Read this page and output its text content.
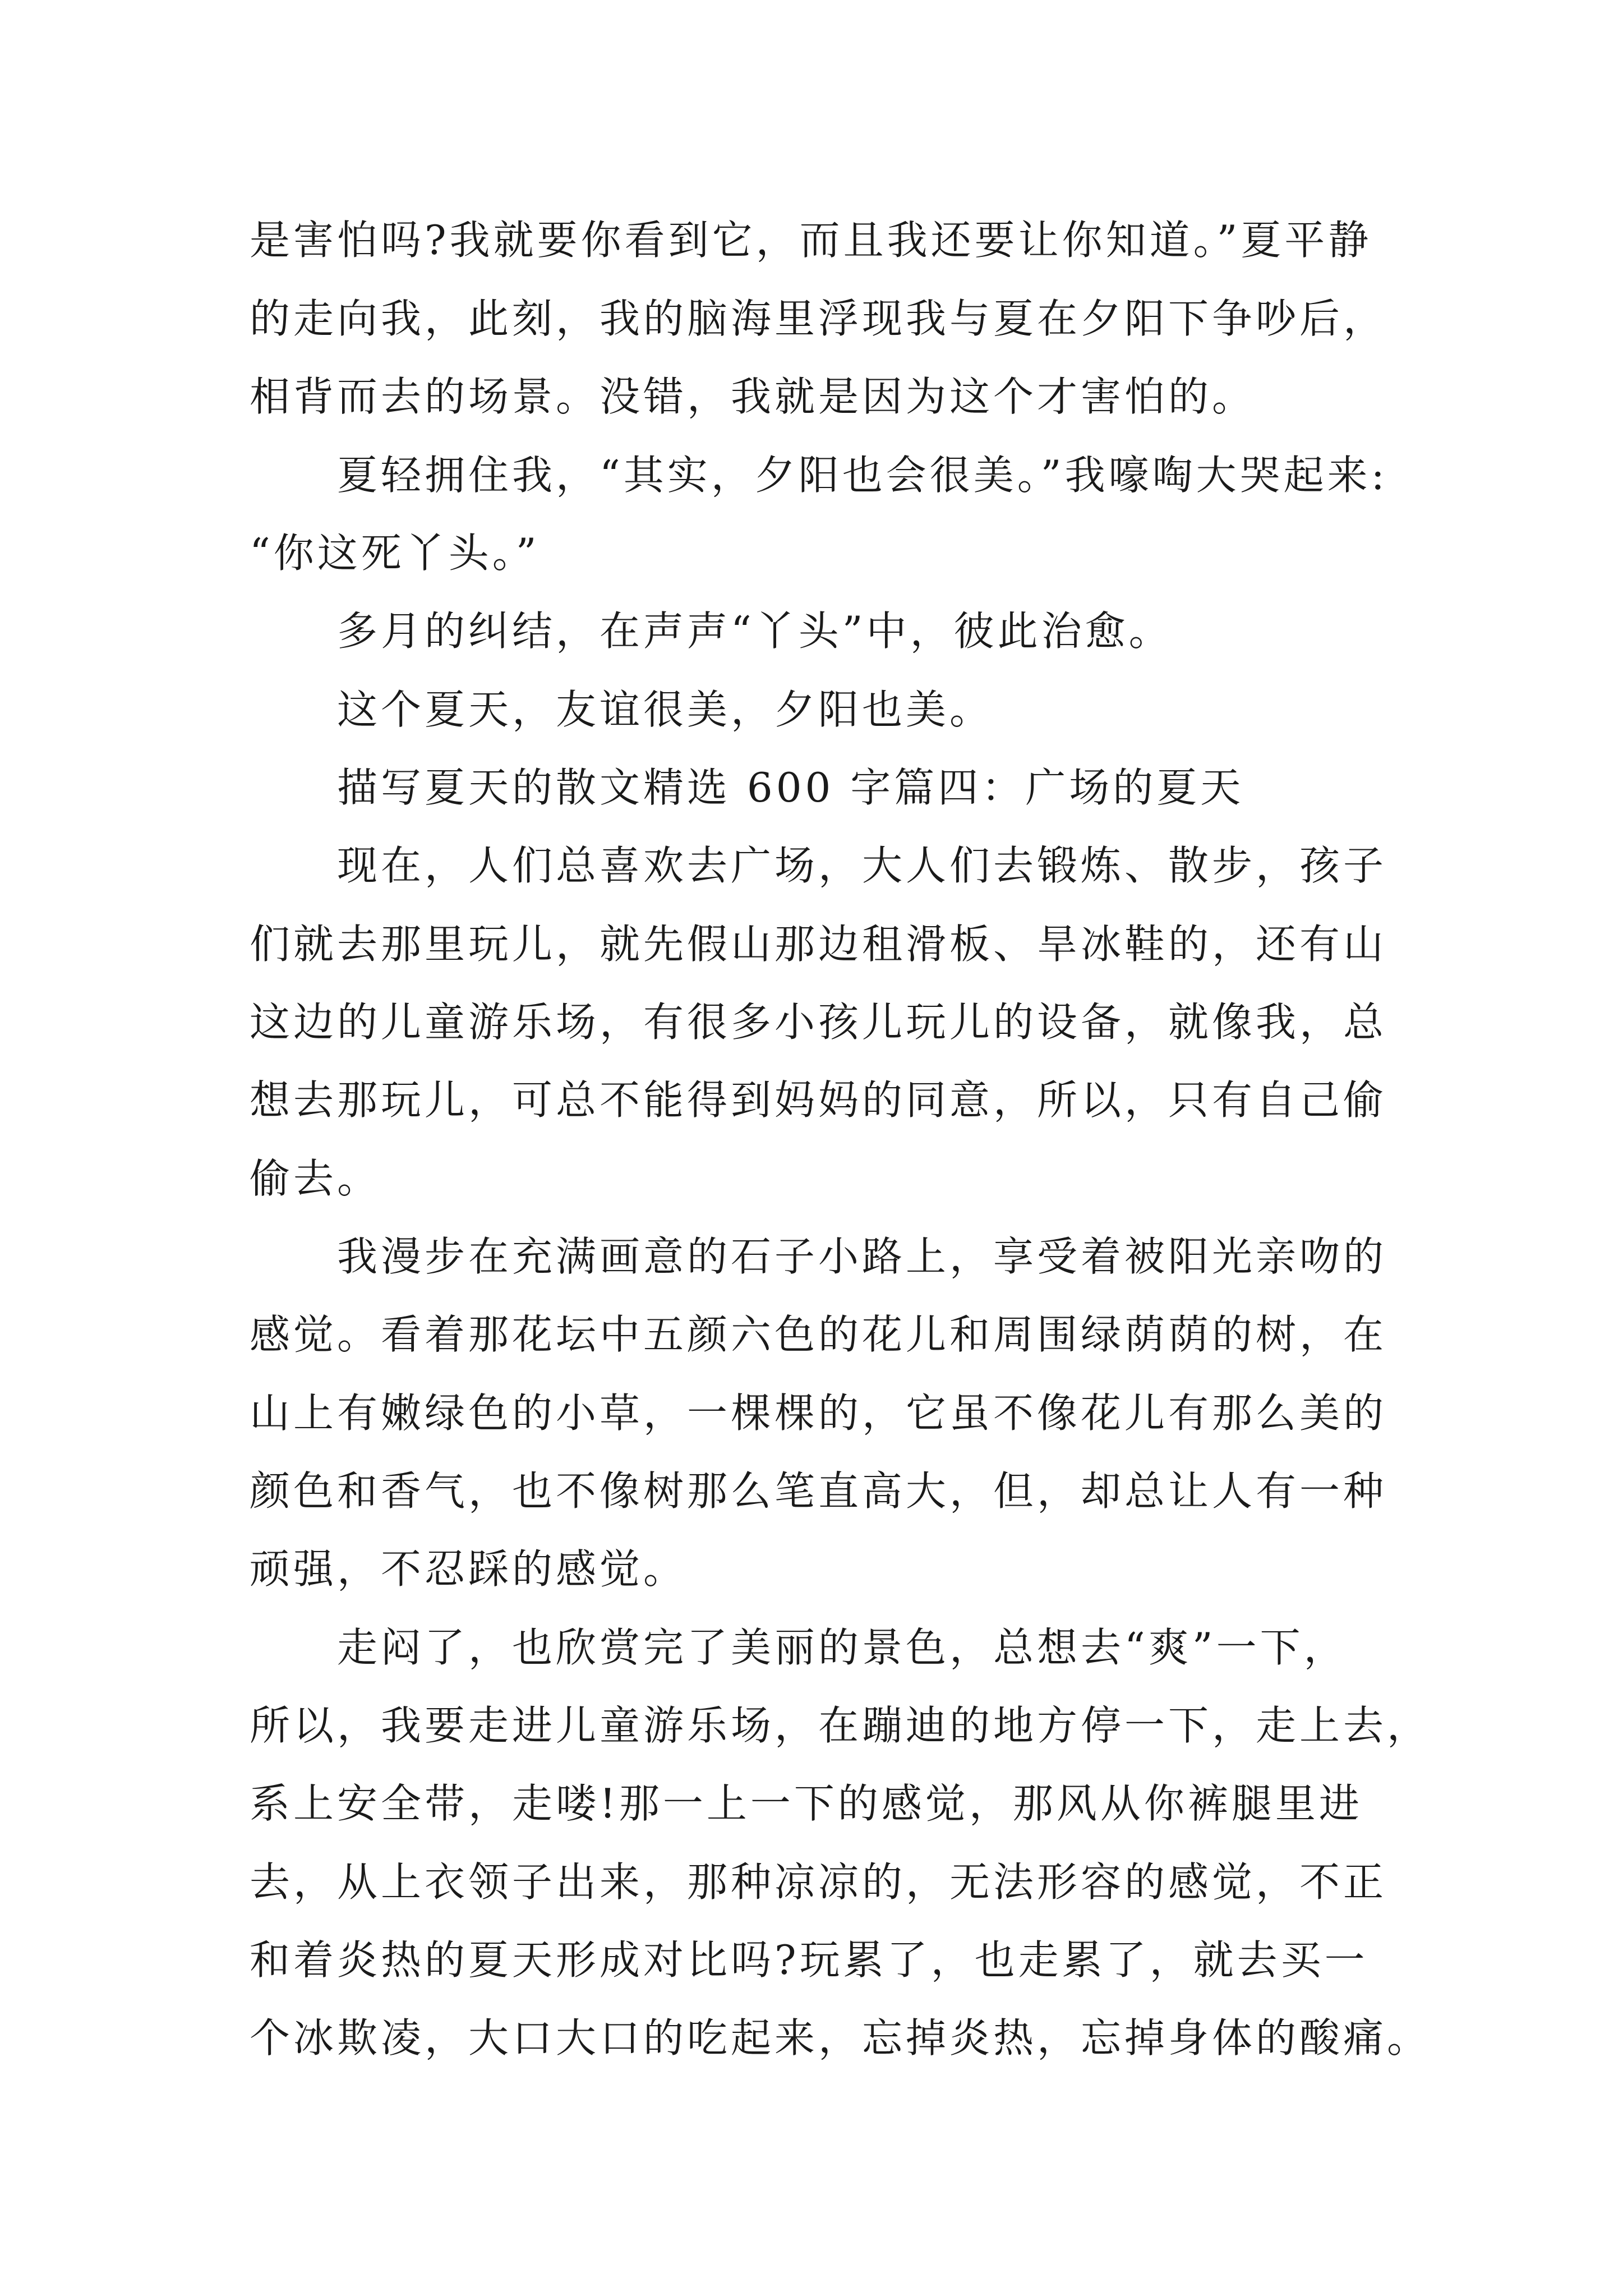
是害怕吗?我就要你看到它，而且我还要让你知道。”夏平静
的走向我，此刻，我的脑海里浮现我与夏在夕阳下争吵后，
相背而去的场景。没错，我就是因为这个才害怕的。
　　夏轻拥住我，“其实，夕阳也会很美。”我嚎啕大哭起来:
“你这死丫头。”
　　多月的纠结，在声声“丫头”中，彼此治愈。
　　这个夏天，友谊很美，夕阳也美。
　　描写夏天的散文精选 600 字篇四：广场的夏天
　　现在，人们总喜欢去广场，大人们去锻炼、散步，孩子
们就去那里玩儿，就先假山那边租滑板、旱冰鞋的，还有山
这边的儿童游乐场，有很多小孩儿玩儿的设备，就像我，总
想去那玩儿，可总不能得到妈妈的同意，所以，只有自己偷
偷去。
　　我漫步在充满画意的石子小路上，享受着被阳光亲吻的
感觉。看着那花坛中五颜六色的花儿和周围绿荫荫的树，在
山上有嫩绿色的小草，一棵棵的，它虽不像花儿有那么美的
颜色和香气，也不像树那么笔直高大，但，却总让人有一种
顽强，不忍踩的感觉。
　　走闷了，也欣赏完了美丽的景色，总想去“爽”一下，
所以，我要走进儿童游乐场，在蹦迪的地方停一下，走上去，
系上安全带，走喽!那一上一下的感觉，那风从你裤腿里进
去，从上衣领子出来，那种凉凉的，无法形容的感觉，不正
和着炎热的夏天形成对比吗?玩累了，也走累了，就去买一
个冰欺凌，大口大口的吃起来，忘掉炎热，忘掉身体的酸痛。
